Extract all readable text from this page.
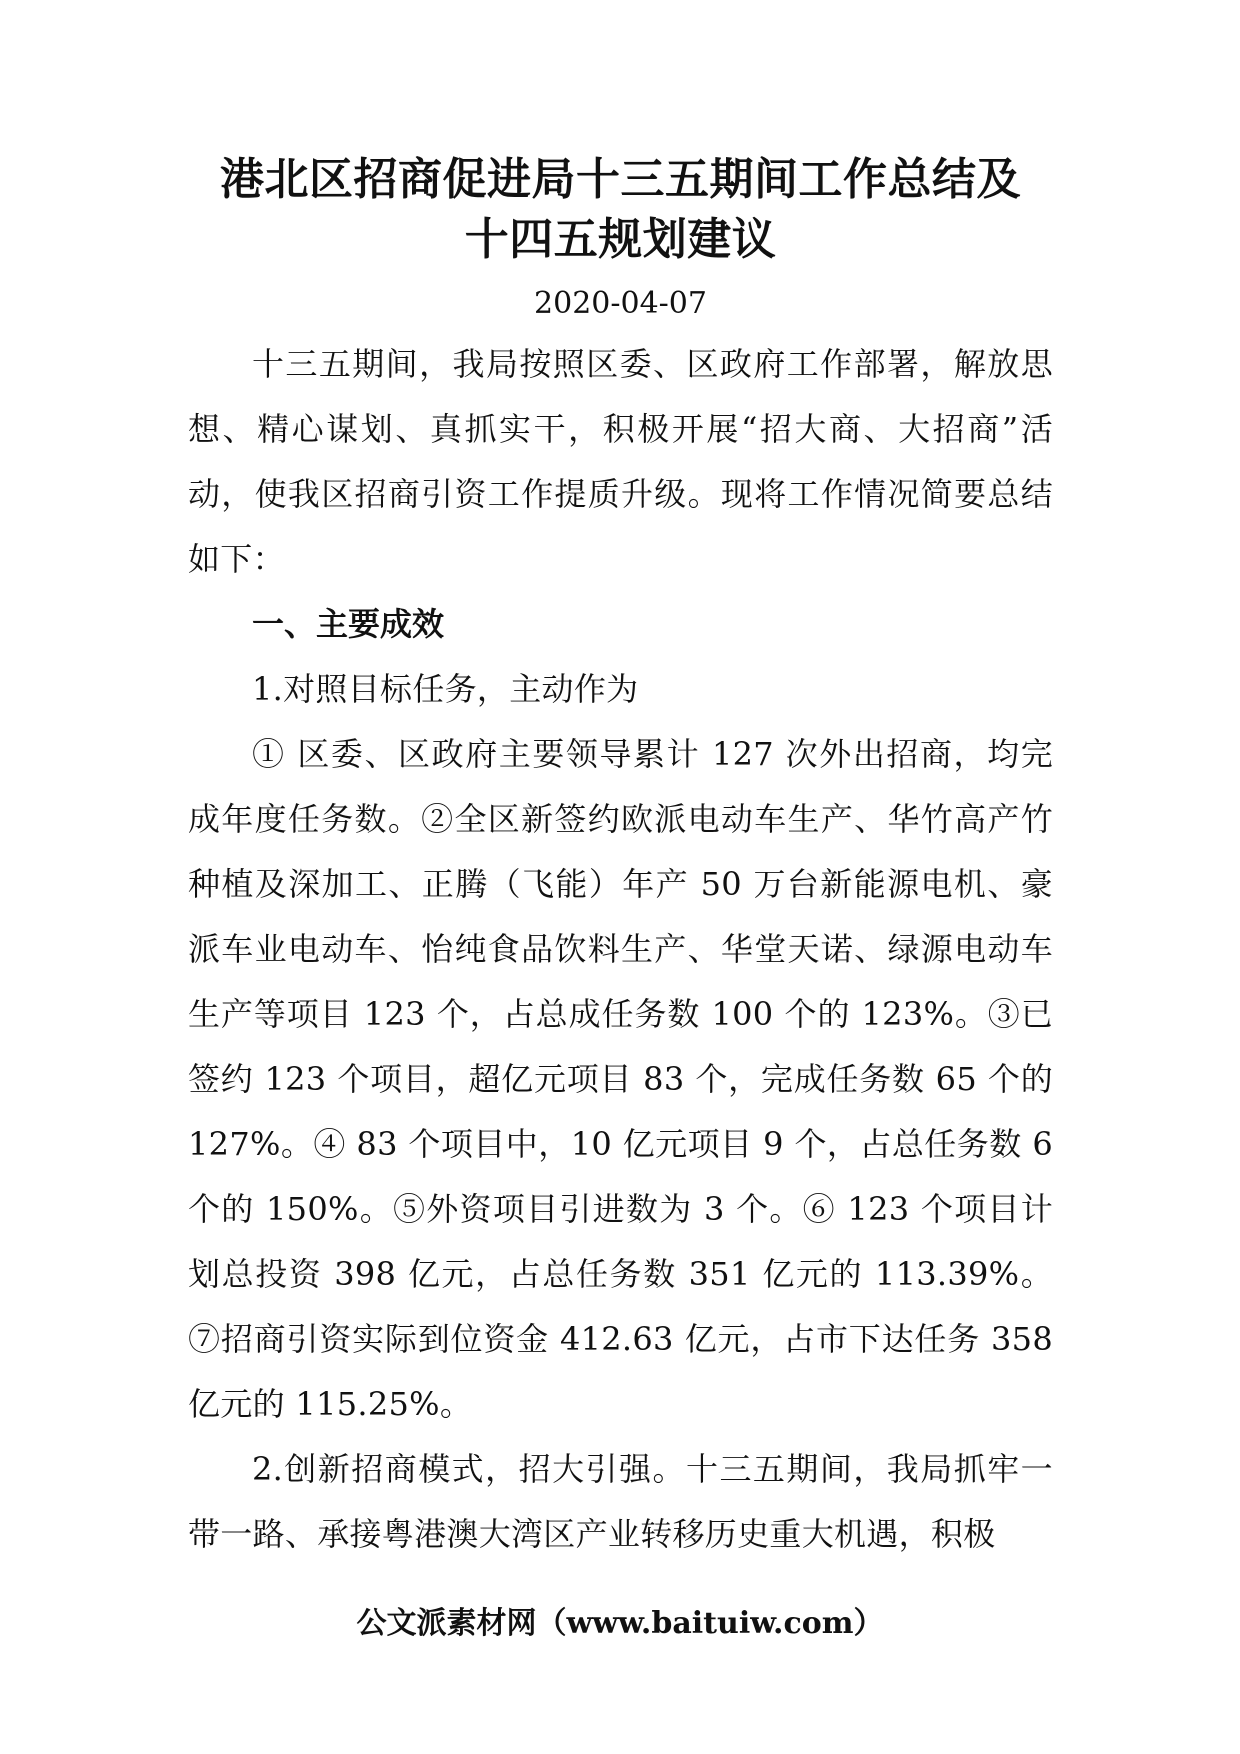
港北区招商促进局十三五期间工作总结及
十四五规划建议
2020-04-07

十三五期间，我局按照区委、区政府工作部署，解放思想、精心谋划、真抓实干，积极开展“招大商、大招商”活动，使我区招商引资工作提质升级。现将工作情况简要总结如下：

一、主要成效

1.对照目标任务，主动作为

① 区委、区政府主要领导累计 127 次外出招商，均完成年度任务数。②全区新签约欧派电动车生产、华竹高产竹种植及深加工、正腾（飞能）年产 50 万台新能源电机、豪派车业电动车、怡纯食品饮料生产、华堂天诺、绿源电动车生产等项目 123 个，占总成任务数 100 个的 123%。③已签约 123 个项目，超亿元项目 83 个，完成任务数 65 个的 127%。④ 83 个项目中，10 亿元项目 9 个，占总任务数 6 个的 150%。⑤外资项目引进数为 3 个。⑥ 123 个项目计划总投资 398 亿元，占总任务数 351 亿元的 113.39%。⑦招商引资实际到位资金 412.63 亿元，占市下达任务 358 亿元的 115.25%。

2.创新招商模式，招大引强。十三五期间，我局抓牢一带一路、承接粤港澳大湾区产业转移历史重大机遇，积极

公文派素材网（www.baituiw.com）
